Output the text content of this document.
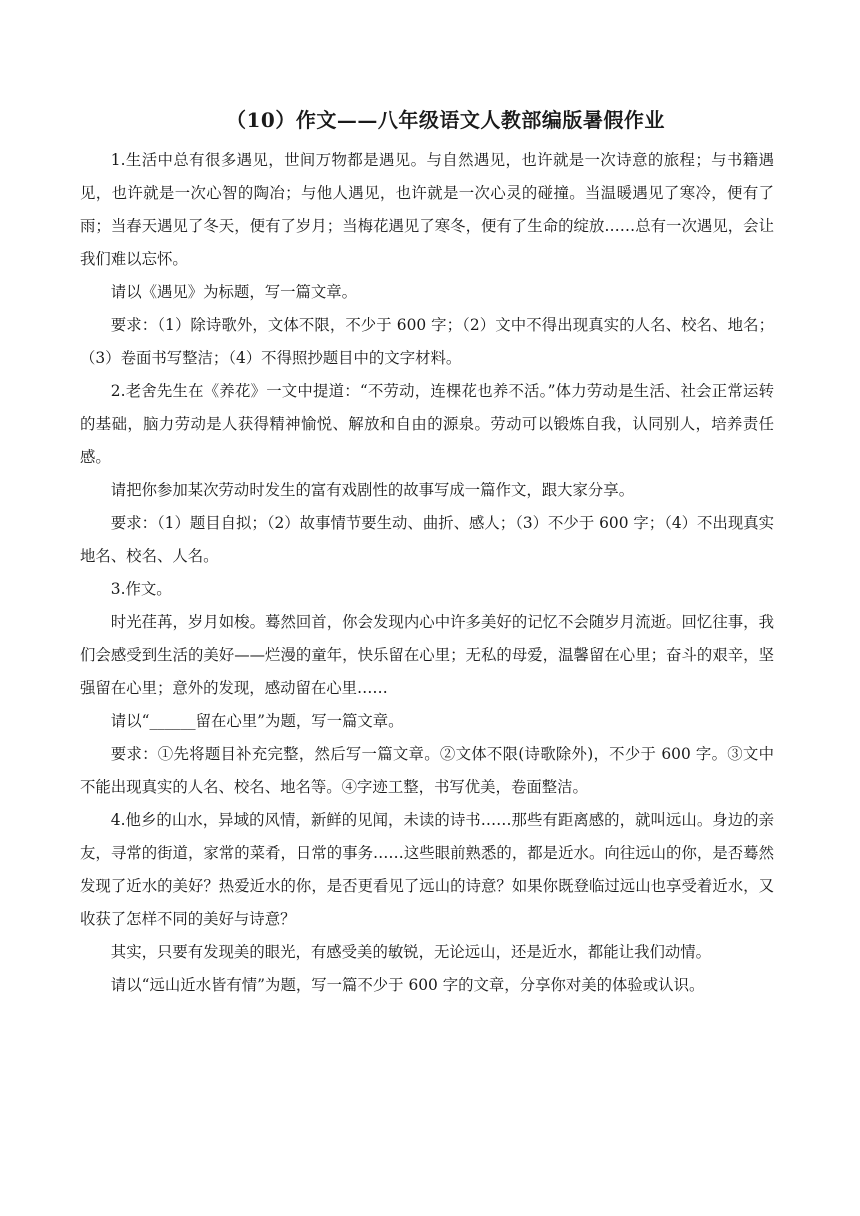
（10）作文——八年级语文人教部编版暑假作业

1.生活中总有很多遇见，世间万物都是遇见。与自然遇见，也许就是一次诗意的旅程；与书籍遇见，也许就是一次心智的陶冶；与他人遇见，也许就是一次心灵的碰撞。当温暖遇见了寒冷，便有了雨；当春天遇见了冬天，便有了岁月；当梅花遇见了寒冬，便有了生命的绽放……总有一次遇见，会让我们难以忘怀。

请以《遇见》为标题，写一篇文章。

要求：（1）除诗歌外，文体不限，不少于 600 字；（2）文中不得出现真实的人名、校名、地名；（3）卷面书写整洁；（4）不得照抄题目中的文字材料。

2.老舍先生在《养花》一文中提道：“不劳动，连棵花也养不活。”体力劳动是生活、社会正常运转的基础，脑力劳动是人获得精神愉悦、解放和自由的源泉。劳动可以锻炼自我，认同别人，培养责任感。

请把你参加某次劳动时发生的富有戏剧性的故事写成一篇作文，跟大家分享。

要求：（1）题目自拟；（2）故事情节要生动、曲折、感人；（3）不少于 600 字；（4）不出现真实地名、校名、人名。

3.作文。

时光荏苒，岁月如梭。蓦然回首，你会发现内心中许多美好的记忆不会随岁月流逝。回忆往事，我们会感受到生活的美好——烂漫的童年，快乐留在心里；无私的母爱，温馨留在心里；奋斗的艰辛，坚强留在心里；意外的发现，感动留在心里……

请以“______留在心里”为题，写一篇文章。

要求：①先将题目补充完整，然后写一篇文章。②文体不限(诗歌除外)，不少于 600 字。③文中不能出现真实的人名、校名、地名等。④字迹工整，书写优美，卷面整洁。

4.他乡的山水，异域的风情，新鲜的见闻，未读的诗书……那些有距离感的，就叫远山。身边的亲友，寻常的街道，家常的菜肴，日常的事务……这些眼前熟悉的，都是近水。向往远山的你，是否蓦然发现了近水的美好？热爱近水的你，是否更看见了远山的诗意？如果你既登临过远山也享受着近水，又收获了怎样不同的美好与诗意？

其实，只要有发现美的眼光，有感受美的敏锐，无论远山，还是近水，都能让我们动情。

请以“远山近水皆有情”为题，写一篇不少于 600 字的文章，分享你对美的体验或认识。
